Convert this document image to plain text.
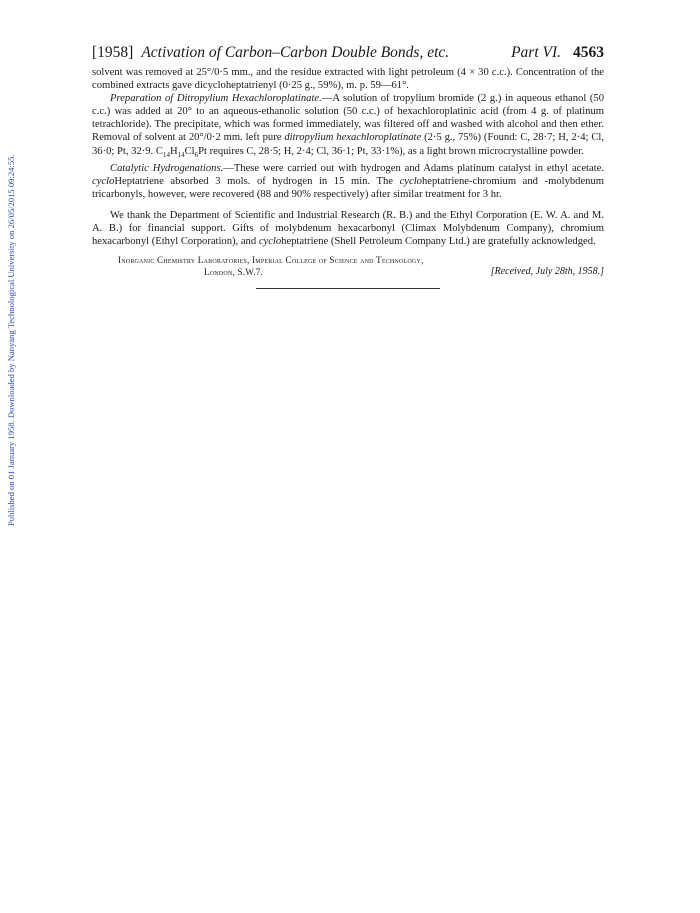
Published on 01 January 1958. Downloaded by Nanyang Technological University on 26/05/2015 09:24:55.
[1958] Activation of Carbon–Carbon Double Bonds, etc.	Part VI. 4563

solvent was removed at 25°/0·5 mm., and the residue extracted with light petroleum (4 × 30 c.c.). Concentration of the combined extracts gave dicycloheptatrienyl (0·25 g., 59%), m. p. 59—61°.

Preparation of Ditropylium Hexachloroplatinate.—A solution of tropylium bromide (2 g.) in aqueous ethanol (50 c.c.) was added at 20° to an aqueous-ethanolic solution (50 c.c.) of hexachloroplatinic acid (from 4 g. of platinum tetrachloride). The precipitate, which was formed immediately, was filtered off and washed with alcohol and then ether. Removal of solvent at 20°/0·2 mm. left pure ditropylium hexachloroplatinate (2·5 g., 75%) (Found: C, 28·7; H, 2·4; Cl, 36·0; Pt, 32·9. $C_{14}H_{14}Cl_6Pt$ requires C, 28·5; H, 2·4; Cl, 36·1; Pt, 33·1%), as a light brown microcrystalline powder.

Catalytic Hydrogenations.—These were carried out with hydrogen and Adams platinum catalyst in ethyl acetate. cycloHeptatriene absorbed 3 mols. of hydrogen in 15 min. The cycloheptatriene-chromium and -molybdenum tricarbonyls, however, were recovered (88 and 90% respectively) after similar treatment for 3 hr.

We thank the Department of Scientific and Industrial Research (R. B.) and the Ethyl Corporation (E. W. A. and M. A. B.) for financial support. Gifts of molybdenum hexacarbonyl (Climax Molybdenum Company), chromium hexacarbonyl (Ethyl Corporation), and cycloheptatriene (Shell Petroleum Company Ltd.) are gratefully acknowledged.

Inorganic Chemistry Laboratories, Imperial College of Science and Technology,
London, S.W.7.	[Received, July 28th, 1958.]
